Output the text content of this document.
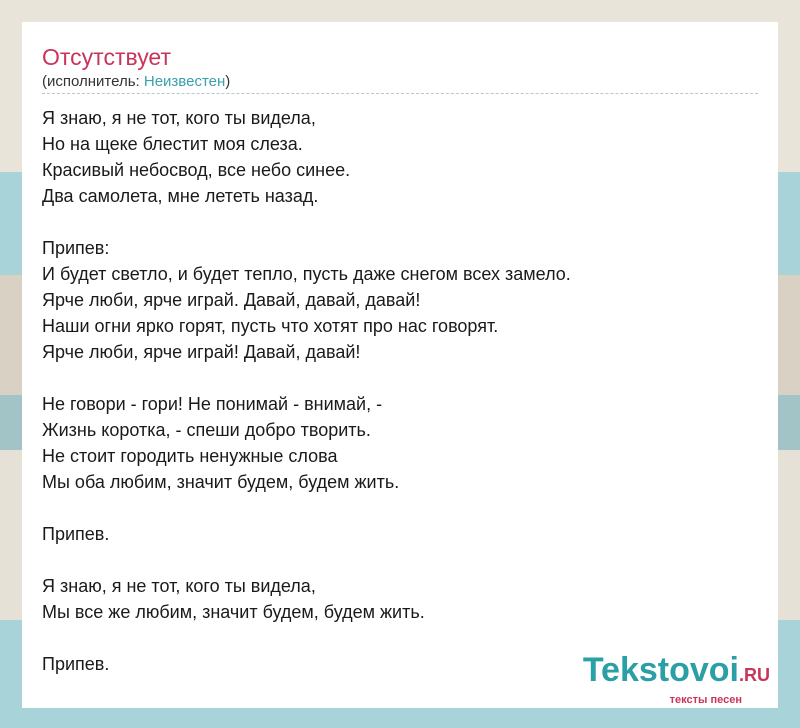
Отсутствует
(исполнитель: Неизвестен)
Я знаю, я не тот, кого ты видела,
Но на щеке блестит моя слеза.
Красивый небосвод, все небо синее.
Два самолета, мне лететь назад.
Припев:
И будет светло, и будет тепло, пусть даже снегом всех замело.
Ярче люби, ярче играй. Давай, давай, давай!
Наши огни ярко горят, пусть что хотят про нас говорят.
Ярче люби, ярче играй! Давай, давай!
Не говори - гори! Не понимай - внимай, -
Жизнь коротка, - спеши добро творить.
Не стоит городить ненужные слова
Мы оба любим, значит будем, будем жить.
Припев.
Я знаю, я не тот, кого ты видела,
Мы все же любим, значит будем, будем жить.
Припев.	Tekstovoi.RU
тексты песен
